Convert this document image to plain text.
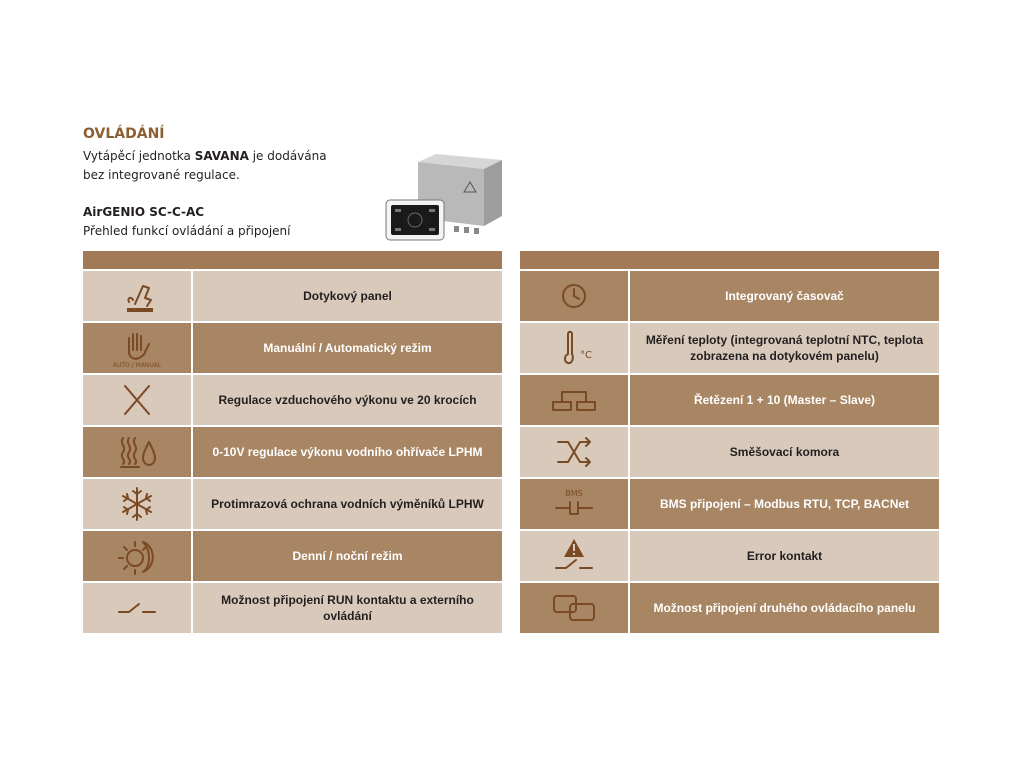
OVLÁDÁNÍ

Vytápěcí jednotka SAVANA je dodávána

bez integrované regulace.

AirGENIO SC-C-AC
Přehled funkcí ovládání a připojení
Dotykový panel
AUTO / MANUAL
Manuální / Automatický režim
Regulace vzduchového výkonu ve 20 krocích
0-10V regulace výkonu vodního ohřívače LPHM
Protimrazová ochrana vodních výměníků LPHW
Denní / noční režim
Možnost připojení RUN kontaktu a externího ovládání
Integrovaný časovač
°C
Měření teploty (integrovaná teplotní NTC, teplota zobrazena na dotykovém panelu)
Řetězení 1 + 10 (Master – Slave)
Směšovací komora
BMS
BMS připojení – Modbus RTU, TCP, BACNet
Error kontakt
Možnost připojení druhého ovládacího panelu
